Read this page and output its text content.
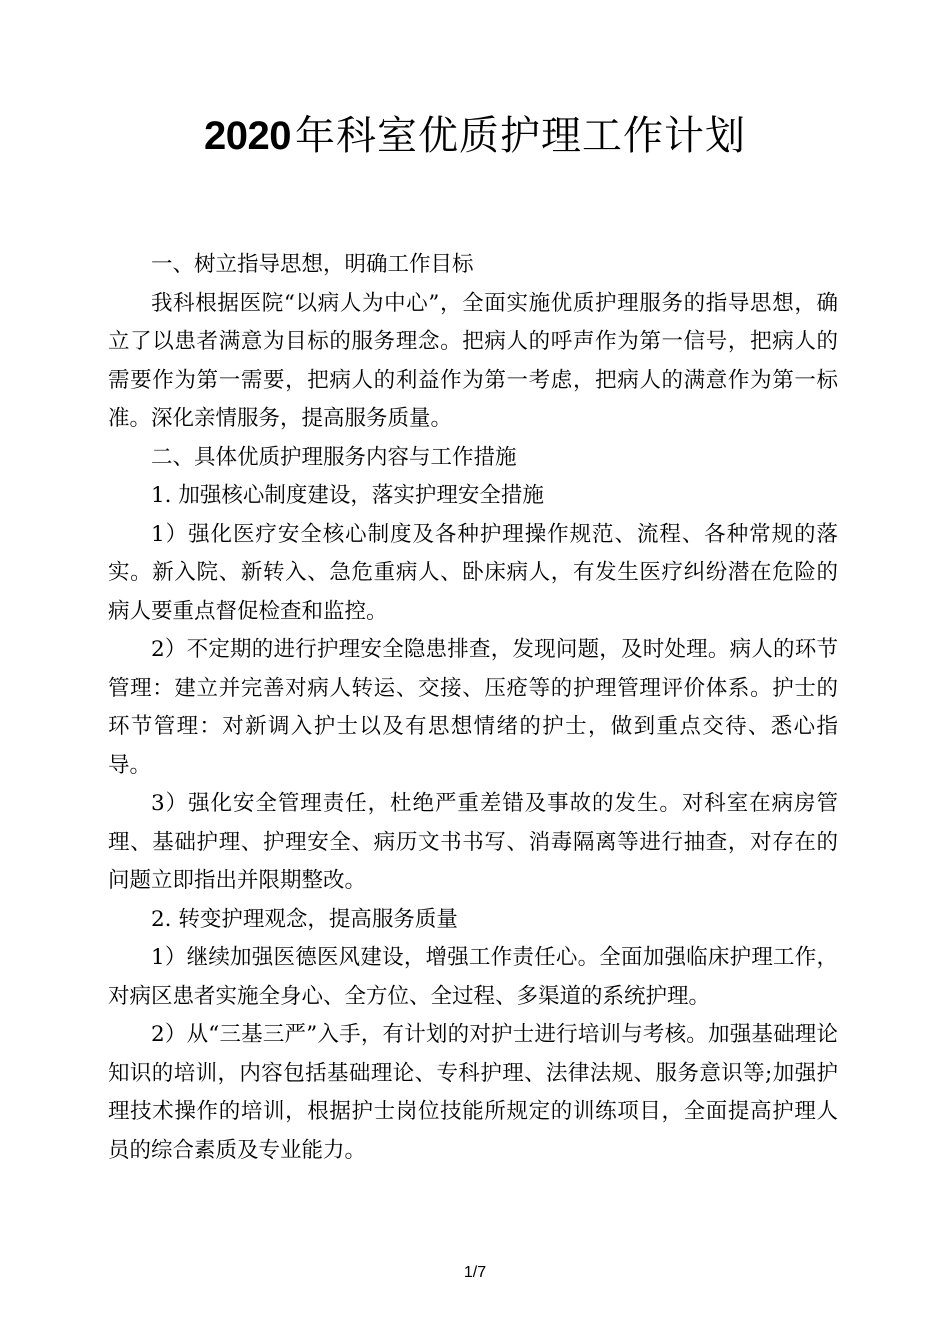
2020 年科室优质护理工作计划

一、树立指导思想，明确工作目标

我科根据医院“以病人为中心”，全面实施优质护理服务的指导思想，确立了以患者满意为目标的服务理念。把病人的呼声作为第一信号，把病人的需要作为第一需要，把病人的利益作为第一考虑，把病人的满意作为第一标准。深化亲情服务，提高服务质量。

二、具体优质护理服务内容与工作措施

1. 加强核心制度建设，落实护理安全措施

1）强化医疗安全核心制度及各种护理操作规范、流程、各种常规的落实。新入院、新转入、急危重病人、卧床病人，有发生医疗纠纷潜在危险的病人要重点督促检查和监控。

2）不定期的进行护理安全隐患排查，发现问题，及时处理。病人的环节管理：建立并完善对病人转运、交接、压疮等的护理管理评价体系。护士的环节管理：对新调入护士以及有思想情绪的护士，做到重点交待、悉心指导。

3）强化安全管理责任，杜绝严重差错及事故的发生。对科室在病房管理、基础护理、护理安全、病历文书书写、消毒隔离等进行抽查，对存在的问题立即指出并限期整改。

2. 转变护理观念，提高服务质量

1）继续加强医德医风建设，增强工作责任心。全面加强临床护理工作，对病区患者实施全身心、全方位、全过程、多渠道的系统护理。

2）从“三基三严”入手，有计划的对护士进行培训与考核。加强基础理论知识的培训，内容包括基础理论、专科护理、法律法规、服务意识等;加强护理技术操作的培训，根据护士岗位技能所规定的训练项目，全面提高护理人员的综合素质及专业能力。

1/7
